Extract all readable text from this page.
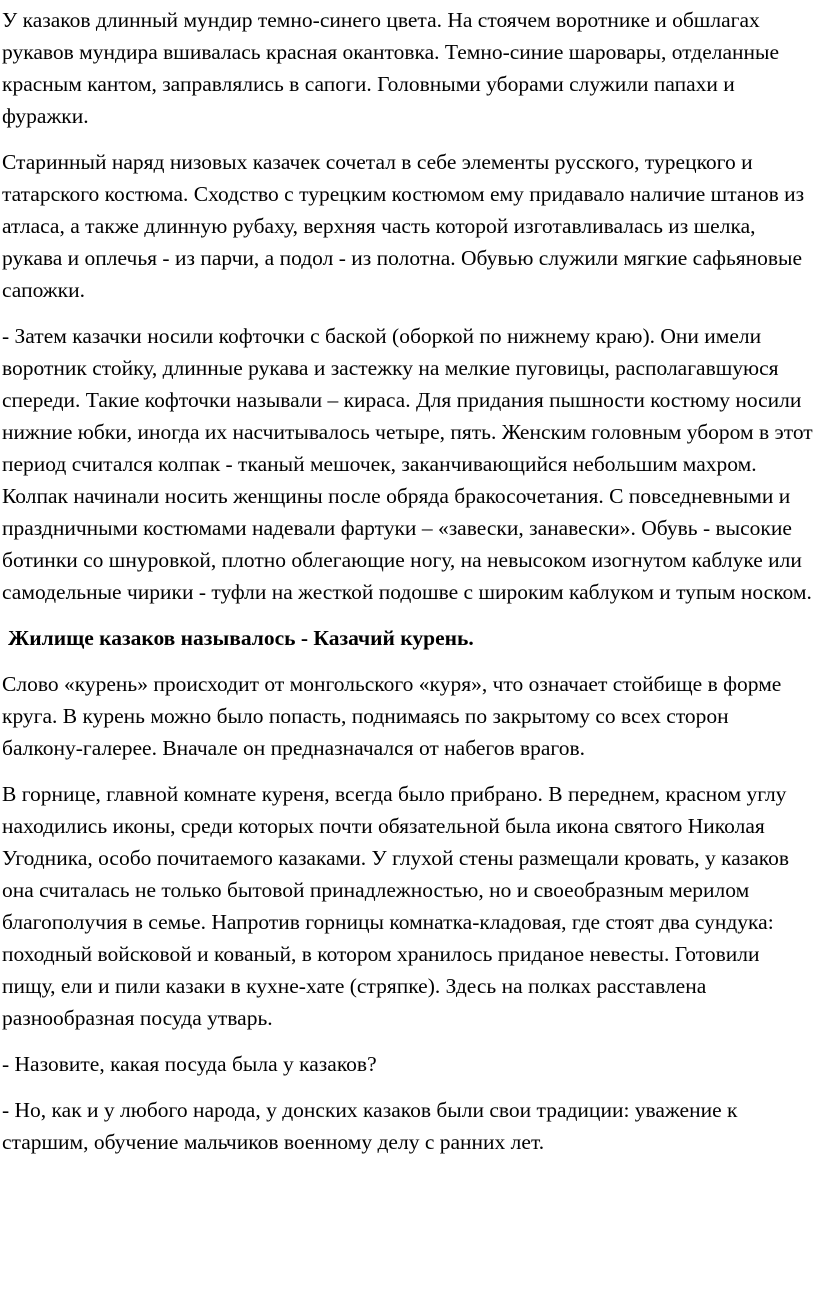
У казаков длинный мундир темно-синего цвета. На стоячем воротнике и обшлагах рукавов мундира вшивалась красная окантовка. Темно-синие шаровары, отделанные красным кантом, заправлялись в сапоги. Головными уборами служили папахи и фуражки.

Старинный наряд низовых казачек сочетал в себе элементы русского, турецкого и татарского костюма. Сходство с турецким костюмом ему придавало наличие штанов из атласа, а также длинную рубаху, верхняя часть которой изготавливалась из шелка, рукава и оплечья - из парчи, а подол - из полотна. Обувью служили мягкие сафьяновые сапожки.

- Затем казачки носили кофточки с баской (оборкой по нижнему краю). Они имели воротник стойку, длинные рукава и застежку на мелкие пуговицы, располагавшуюся спереди. Такие кофточки называли – кираса. Для придания пышности костюму носили нижние юбки, иногда их насчитывалось четыре, пять. Женским головным убором в этот период считался колпак - тканый мешочек, заканчивающийся небольшим махром. Колпак начинали носить женщины после обряда бракосочетания. С повседневными и праздничными костюмами надевали фартуки – «завески, занавески». Обувь - высокие ботинки со шнуровкой, плотно облегающие ногу, на невысоком изогнутом каблуке или самодельные чирики - туфли на жесткой подошве с широким каблуком и тупым носком.

Жилище казаков называлось - Казачий курень.

Слово «курень» происходит от монгольского «куря», что означает стойбище в форме круга. В курень можно было попасть, поднимаясь по закрытому со всех сторон балкону-галерее. Вначале он предназначался от набегов врагов.

В горнице, главной комнате куреня, всегда было прибрано. В переднем, красном углу находились иконы, среди которых почти обязательной была икона святого Николая Угодника, особо почитаемого казаками. У глухой стены размещали кровать, у казаков она считалась не только бытовой принадлежностью, но и своеобразным мерилом благополучия в семье. Напротив горницы комнатка-кладовая, где стоят два сундука: походный войсковой и кованый, в котором хранилось приданое невесты. Готовили пищу, ели и пили казаки в кухне-хате (стряпке). Здесь на полках расставлена разнообразная посуда утварь.

- Назовите, какая посуда была у казаков?

- Но, как и у любого народа, у донских казаков были свои традиции: уважение к старшим, обучение мальчиков военному делу с ранних лет.
